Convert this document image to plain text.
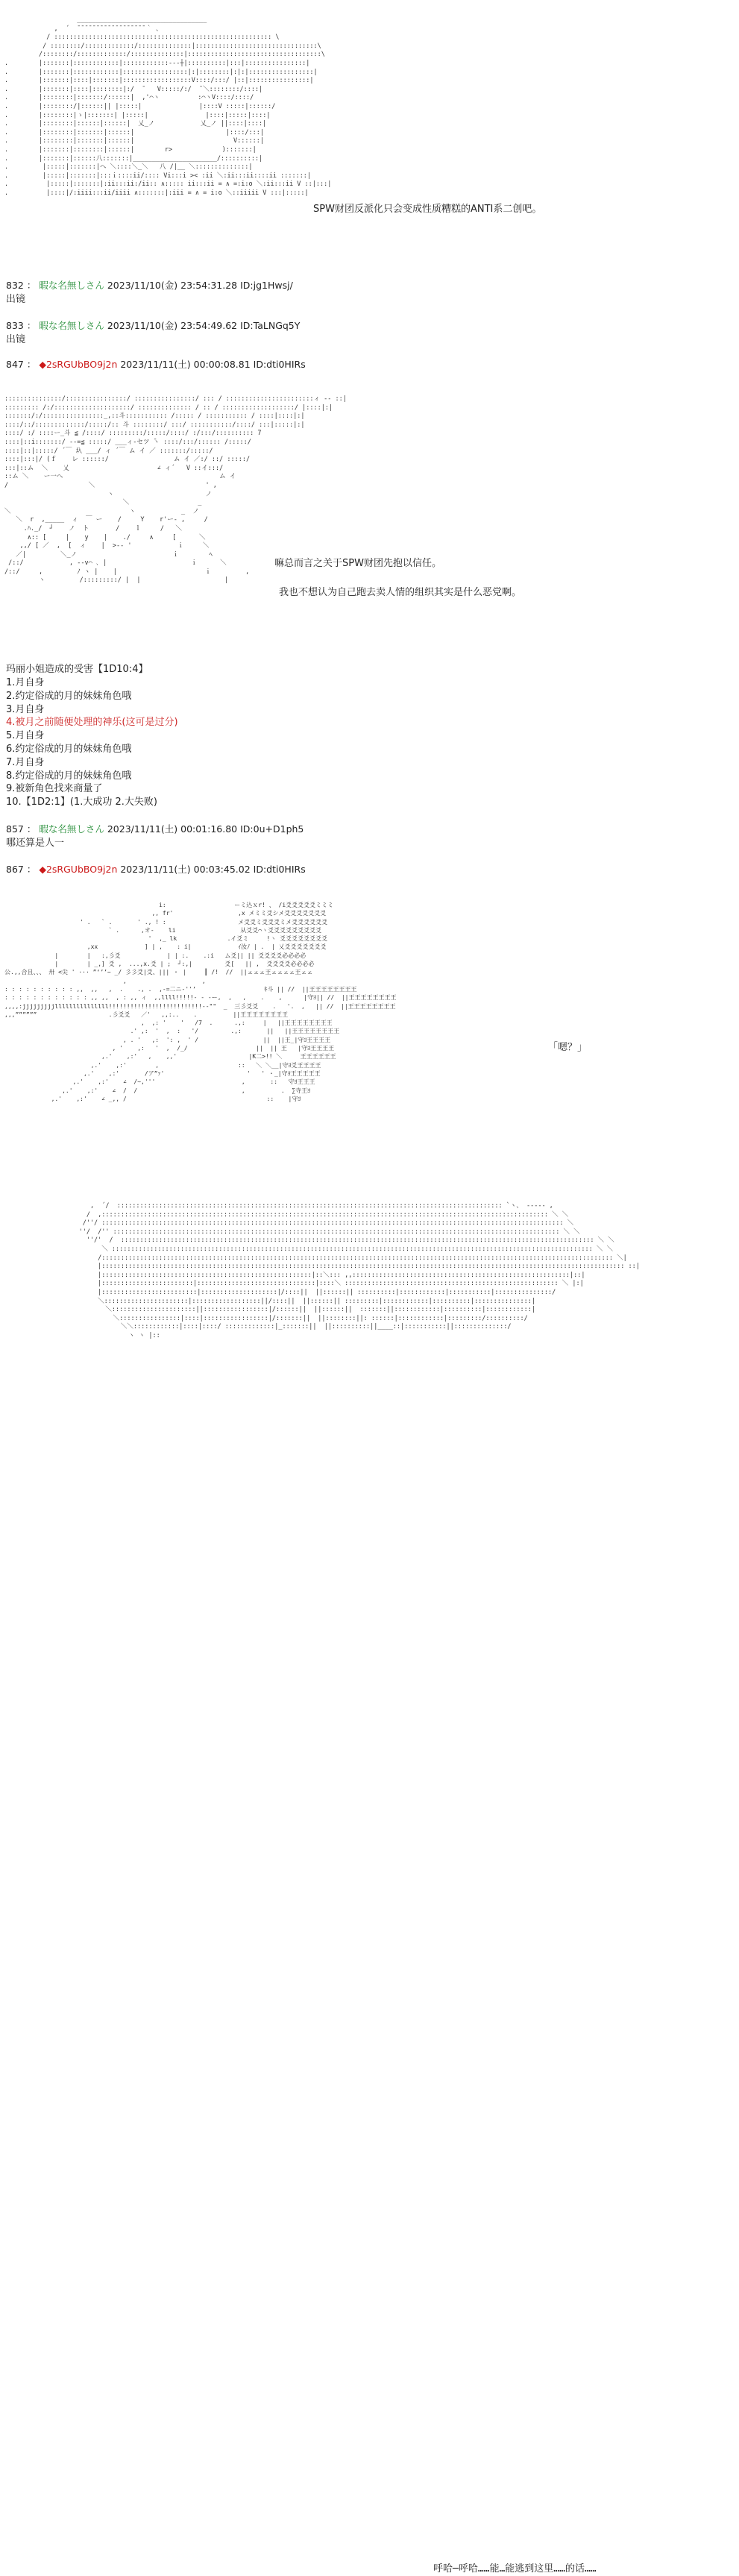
__________________________________
,  ´  ̄ ̄ ̄ ̄ ̄ ̄ ̄ ̄ ̄ ̄ ̄ ̄ ̄ ̄ ̄ ̄ ̄ ̄ ｀ 、
/ ::::::::::::::::::::::::::::::::::::::::::::::::::::::::: \
/ ::::::::/:::::::::::::/::::::::::::::|::::::::::::::::::::::::::::::::\
/::::::::/:::::::::::::/::::::::::::::|:::::::::::::::::::::::::::::::::::\
.        |:::::::|::::::::::::|::::::::::::---┼|::::::::::|:::|::::::::::::::::|
.        |:::::::|::::::::::::|:::::::::::::::::|:|::::::::|:|:|:::::::::::::::::|
.        |:::::::|::::|:::::::|::::::::::::::::::V::::/:::/ |::|::::::::::::::::|
.        |:::::::|::::|::::::::|:/  ̄    V:::::/:/  ̄ ＼::::::::/::::|
.        |::::::::|:::::::/::::::|  ,'⌒ヽ          :⌒ヽV::::/::::/
.        |::::::::/|::::::|| |:::::|               |::::V :::::|::::::/
.        |::::::::|ゝ|:::::::| |:::::|               |::::|:::::|::::|
.        |::::::::|::::::|::::::|  乂_ノ            乂_ノ ||::::|::::|
.        |::::::::|:::::::|::::::|                        |::::/:::|
.        |::::::::|:::::::|::::::|                          V::::::|
.        |:::::::|::::::::|::::::|        r>             ):::::::|
.        |:::::::|::::::八:::::::|______________________/::::::::::|
.         |:::::|:::::::|ヘ ＼::::＼_＼   八 /|__ ＼::::::::::::::|
.         |:::::|:::::::|:::ｉ::::ii/:::: Vi:::i >< :ii ＼:ii:::ii::::ii :::::::|
.          |:::::|:::::::|:ii:::ii:/ii:: ∧::::: ii:::ii = ∧ =:i:o ＼:ii:::ii V ::|:::|
.          |::::|/:iiii:::ii/iiii ∧:::::::|:iii = ∧ = i:o ＼::iiiii V :::|:::::|
SPW财团反派化只会变成性质糟糕的ANTI系二创吧。
832 ： 暇な名無しさん 2023/11/10(金) 23:54:31.28 ID:jg1Hwsj/
出镜
833 ： 暇な名無しさん 2023/11/10(金) 23:54:49.62 ID:TaLNGq5Y
出镜
847 ： ◆2sRGUbBO9j2n 2023/11/11(土) 00:00:08.81 ID:dti0HIRs
:::::::::::::::/::::::::::::::::/ ::::::::::::::::/ ::: / :::::::::::::::::::::::ィ -- ::|
::::::::: /:/::::::::::::::::::::/ :::::::::::::: / :: / :::::::::::::::::::/ |::::|:|
:::::::/:/::::::::::::::::_,::斗::::::::::: /::::: / ::::::::::: / ::::|::::|:|
::::/::/:::::::::::::/:::::/:: 斗 ::::::::/ :::/ :::::::::::/::::/ :::|:::::|:|
::::/ :/ ::::ー_斗 ≦ /::::/ :::::::::/:::::/::::/ :/:::/:::::::::: 7
::::|::i:::::::/ --=≦ :::::/ ___ィ-セツ ̄ヽ ::::/:::/:::::: /:::::/
::::|::|:::::/ ´￣ 圦 ___/ ィ ´￣ ム イ ／ :::::::/:::::/
::::|:::|/ (ｆ    レ ::::::/                 ム イ ／:/ ::/ :::::/
:::|::ム  ＼    乂                       ∠ ィ´   V ::イ:::/
::ム ＼    ー一へ                                         ム イ
/                     ＼                             ' ,
ヽ                        ノ
＼                  _
＼                               ヽ            _  ノ
＼  r  ,_____  ィ  ￣ ー    /     Y    r'ー- ,     /
.ﾊ._/  ┘    ノ  ト       /    ｌ     /   ＼
∧:: [     |    y    |    ./     ∧     [      ＼
,,/ [ ／  ,  [  ィ    |  >-- '            ｉ     ＼
／|         ＼_ノ                         ｉ        ﾍ
/::/            , --v⌒ ､ |                      ｉ      ＼
/::/     ,         ﾉ ヽ |    |                       ｉ         ,
ヽ         /:::::::::/ |  |                      |
嘛总而言之关于SPW财团先抱以信任。
我也不想认为自己跑去卖人情的组织其实是什么恶党啊。
玛丽小姐造成的受害【1D10:4】
1.月自身
2.约定俗成的月的妹妹角色哦
3.月自身
4.被月之前随便处理的神乐(这可是过分)
5.月自身
6.约定俗成的月的妹妹角色哦
7.月自身
8.约定俗成的月的妹妹角色哦
9.被新角色找来商量了
10.【1D2:1】(1.大成功 2.大失败)
857 ： 暇な名無しさん 2023/11/11(土) 00:01:16.80 ID:0u+D1ph5
哪还算是人一
867 ： ◆2sRGUbBO9j2n 2023/11/11(土) 00:03:45.02 ID:dti0HIRs
i:                   ーミ込ｘr! 、 /i爻爻爻爻爻ミミミ
,, fr'                  ,x メミミ爻シメ爻爻爻爻爻爻爻
' .   ` .       ' ., ! :                    メ爻爻ミ爻爻爻ミメ爻爻爻爻爻爻
` .      ,オ-    li                  从爻爻⌒ヽ爻爻爻爻爻爻爻爻爻
'  ,_ lk              .イ爻ミ     !ヽ 爻爻爻爻爻爻爻爻
,xx             ] | ,    : i|             ｲ汝ﾉ | .  | 乂爻爻爻爻爻爻爻
|        |   :,彡爻             | | :.    .:i   ム爻|| || 爻爻爻爻必必必必
|        | _,] 爻 ,  ...,x.爻 | ;  ┘:,|         爻[   || ,  爻爻爻爻必必必必
公.,,合且、、、 卅 <尖 ' ··· ”‘’’~ _/ 彡彡爻|爻、||| ・ |     ┃ /!  //  ||ェェェ王ェェェェ王ェェ
,                     ,
: : : : : : : : : : ,,  ,,   ,  .    ., .  ,-=二ニ-''’                   ｷ斗 || //  ||王王王王王王王王
: : : : : : : : : : : : ,, ,,  , : ,, ィ  ,,llll!!!!!- - -ー,  ,   ,    .    ,      |守ﾖ|| //  ||王王王王王王王王
,,,,:jjjjjjjjjlllllllllllllll!!!!!!!!!!!!!!!!!!!!!!!!!!--""  _  三彡爻爻    .   '.  ,   || //  ||王王王王王王王王
,,,””””””                    .彡爻爻   ／'   ,,:..    .          ||王王王王王王王王
,  ,: '    '   /7  .      .,:     |   ||王王王王王王王王
.' ,:  '  ,  :   '/         .,:       ||   ||王王王王王王王王
, . '   ,:  ': ,  ' /                  ||  ||王_|守ﾖ王王王王
, '    ,:   '  ,  /_/                   ||  || 王   |守ﾖ王王王王
,.'    ,:'   ,    ,,'                    |K二>!! ＼     王王王王王王
,.'    ,:'        ,                      ::   ＼ ＼__|守ﾖ爻王王王王
,.'    ,:'       /ア”ｧ'                       '   ' ・_|守ﾖ王王王王王
,.'    ,:'    ∠  /~,'''                        ,       ::   守ﾖ王王王
,.'    ,:'    ∠  /  /                             ,          .  ∑寺王ﾖ
,.'    ,:'    ∠ _,, /                                       ::    |守ﾖ
「嗯？」
,  ́ /  ::::::::::::::::::::::::::::::::::::::::::::::::::::::::::::::::::::::::::::::::::::::::::::::::::::: `ヽ、 ----- ,
/  ,::::::::::::::::::::::::::::::::::::::::::::::::::::::::::::::::::::::::::::::::::::::::::::::::::::::::::::::::::::: ＼ ＼
/''/ ::::::::::::::::::::::::::::::::::::::::::::::::::::::::::::::::::::::::::::::::::::::::::::::::::::::::::::::::::::::::: ＼
''/  /'' ::::::::::::::::::::::::::::::::::::::::::::::::::::::::::::::::::::::::::::::::::::::::::::::::::::::::::::::::::::: ＼ ＼
''/'  /  :::::::::::::::::::::::::::::::::::::::::::::::::::::::::::::::::::::::::::::::::::::::::::::::::::::::::::::::::::::::::::: ＼ ＼
＼ :::::::::::::::::::::::::::::::::::::::::::::::::::::::::::::::::::::::::::::::::::::::::::::::::::::::::::::::::::::::::::::: ＼ ＼
/:::::::::::::::::::::::::::::::::::::::::::::::::::::::::::::::::::::::::::::::::::::::::::::::::::::::::::::::::::::::::::::::::::::: ＼|
|::::::::::::::::::::::::::::::::::::::::::::::::::::::::::::::::::::::::::::::::::::::::::::::::::::::::::::::::::::::::::::::::::::::::: ::|
|:::::::::::::::::::::::::::::::::::::::::::::::::::::::|::＼::: ,,:::::::::::::::::::::::::::::::::::::::::::::::::::::::::|::|
|::::::::::::::::::::::::|:::::::::::::::::::::::::::::::|::::＼ :::::::::::::::::::::::::::::::::::::::::::::::::::::::: ＼ |:|
|:::::::::::::::::::::::::|::::::::::::::::::::|/::::||  ||::::::|| ::::::::::|::::::::::::|:::::::::::|:::::::::::::::/
＼::::::::::::::::::::::|::::::::::::::::::||/::::||  ||::::::|| :::::::::|::::::::::::|::::::::::|:::::::::::::::|
＼::::::::::::::::::::::||:::::::::::::::::|/::::::||  ||::::::||  :::::::||::::::::::::|::::::::::|::::::::::::|
＼::::::::::::::::|::::|:::::::::::::::::|/:::::::||  ||::::::::||: ::::::|::::::::::::|:::::::::/::::::::::/
＼＼::::::::::::|::::|::::/ :::::::::::::|_:::::::||  ||::::::::::||____::|:::::::::::||::::::::::::::/
ヽ ヽ |::

呼哈─呼哈……能…能逃到这里……的话……
